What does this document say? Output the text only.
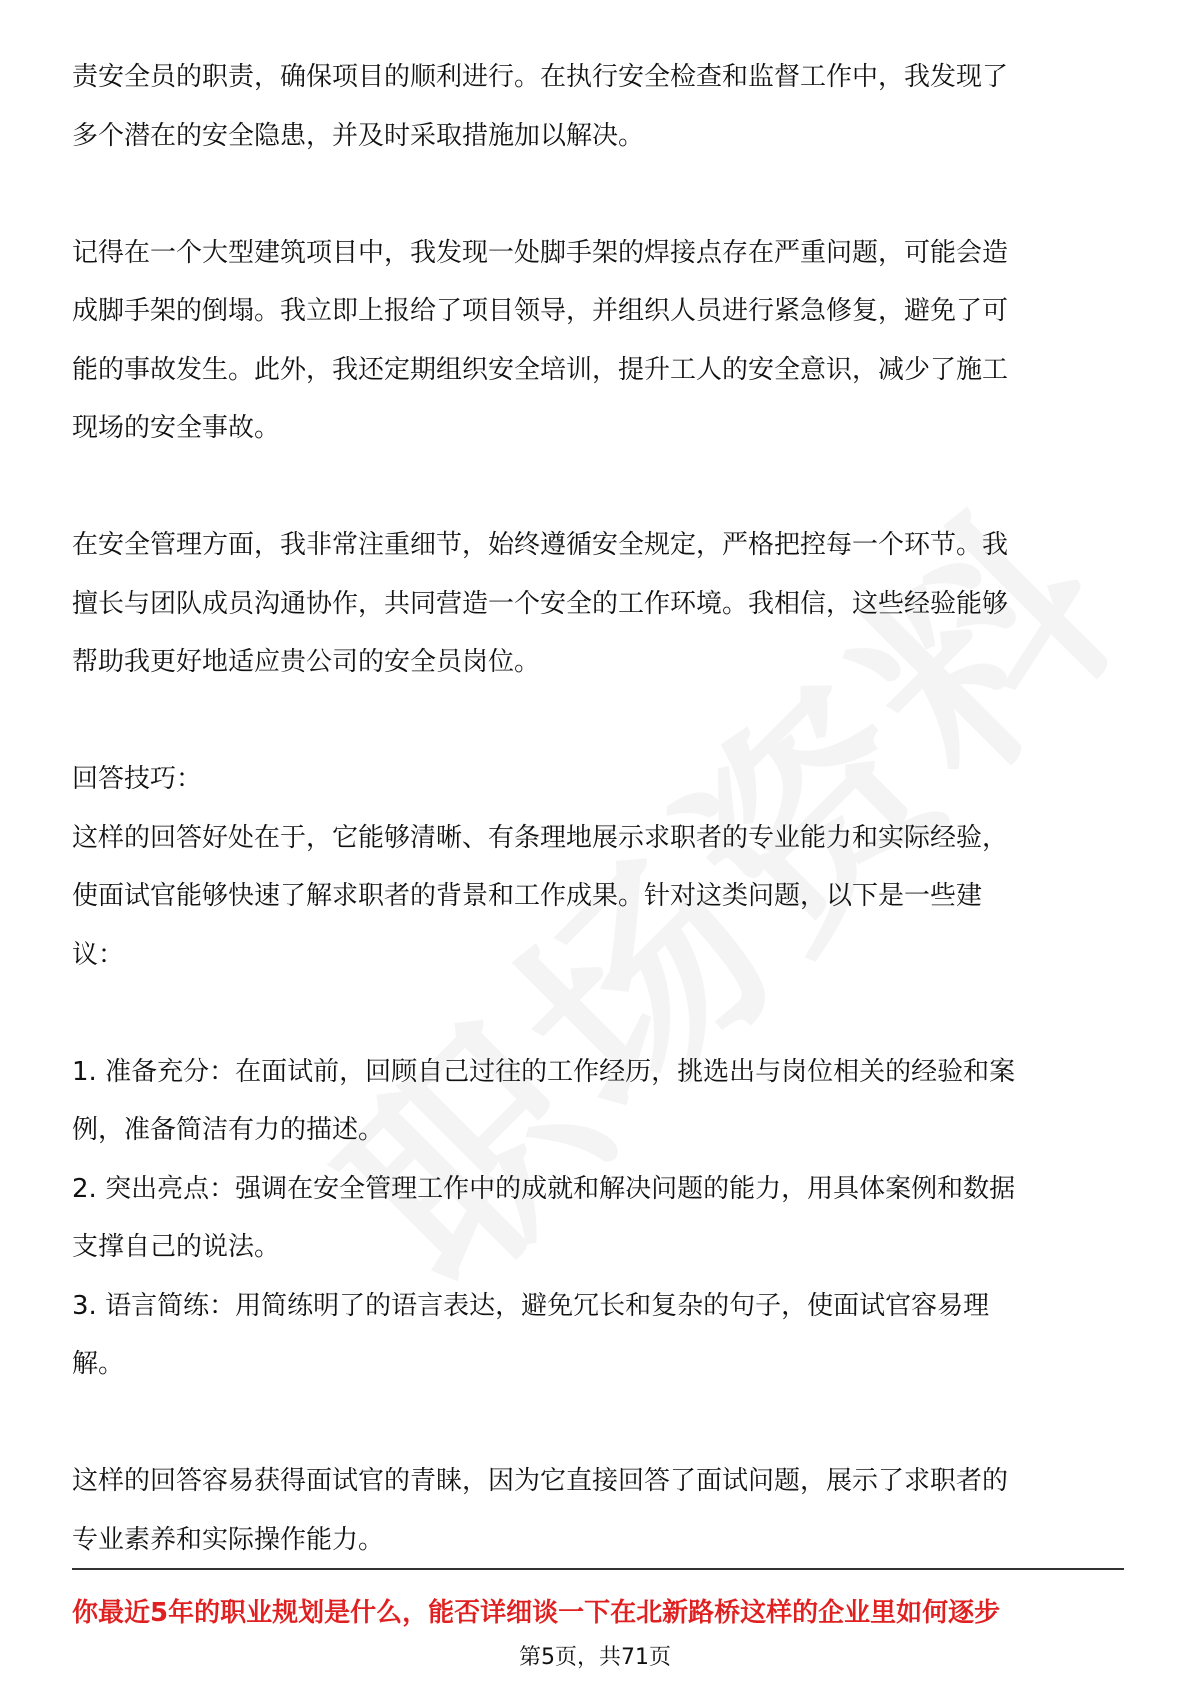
责安全员的职责，确保项目的顺利进行。在执行安全检查和监督工作中，我发现了

多个潜在的安全隐患，并及时采取措施加以解决。

记得在一个大型建筑项目中，我发现一处脚手架的焊接点存在严重问题，可能会造

成脚手架的倒塌。我立即上报给了项目领导，并组织人员进行紧急修复，避免了可

能的事故发生。此外，我还定期组织安全培训，提升工人的安全意识，减少了施工

现场的安全事故。

在安全管理方面，我非常注重细节，始终遵循安全规定，严格把控每一个环节。我

擅长与团队成员沟通协作，共同营造一个安全的工作环境。我相信，这些经验能够

帮助我更好地适应贵公司的安全员岗位。

回答技巧：

这样的回答好处在于，它能够清晰、有条理地展示求职者的专业能力和实际经验，

使面试官能够快速了解求职者的背景和工作成果。针对这类问题，以下是一些建

议：

1. 准备充分：在面试前，回顾自己过往的工作经历，挑选出与岗位相关的经验和案

例，准备简洁有力的描述。

2. 突出亮点：强调在安全管理工作中的成就和解决问题的能力，用具体案例和数据

支撑自己的说法。

3. 语言简练：用简练明了的语言表达，避免冗长和复杂的句子，使面试官容易理

解。

这样的回答容易获得面试官的青睐，因为它直接回答了面试问题，展示了求职者的

专业素养和实际操作能力。

你最近5年的职业规划是什么，能否详细谈一下在北新路桥这样的企业里如何逐步
第5页，共71页
